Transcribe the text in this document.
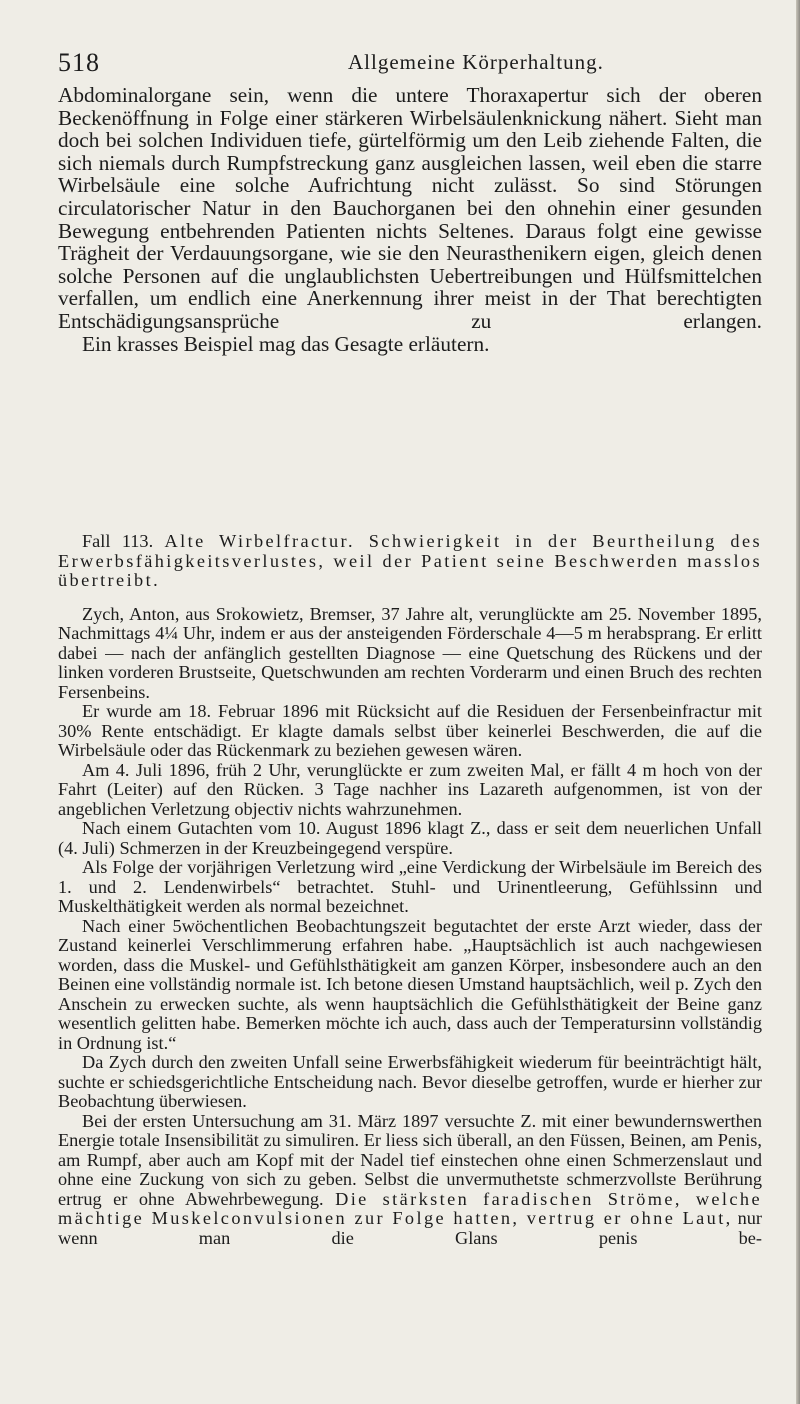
518	Allgemeine Körperhaltung.

Abdominalorgane sein, wenn die untere Thoraxapertur sich der oberen Beckenöffnung in Folge einer stärkeren Wirbelsäulenknickung nähert. Sieht man doch bei solchen Individuen tiefe, gürtelförmig um den Leib ziehende Falten, die sich niemals durch Rumpfstreckung ganz ausgleichen lassen, weil eben die starre Wirbelsäule eine solche Aufrichtung nicht zulässt. So sind Störungen circulatorischer Natur in den Bauchorganen bei den ohnehin einer gesunden Bewegung entbehrenden Patienten nichts Seltenes. Daraus folgt eine gewisse Trägheit der Verdauungsorgane, wie sie den Neurasthenikern eigen, gleich denen solche Personen auf die unglaublichsten Uebertreibungen und Hülfsmittelchen verfallen, um endlich eine Anerkennung ihrer meist in der That berechtigten Entschädigungsansprüche zu erlangen.

Ein krasses Beispiel mag das Gesagte erläutern.

Fall 113. Alte Wirbelfractur. Schwierigkeit in der Beurtheilung des Erwerbsfähigkeitsverlustes, weil der Patient seine Beschwerden masslos übertreibt.

Zych, Anton, aus Srokowietz, Bremser, 37 Jahre alt, verunglückte am 25. November 1895, Nachmittags 4¼ Uhr, indem er aus der ansteigenden Förderschale 4—5 m herabsprang. Er erlitt dabei — nach der anfänglich gestellten Diagnose — eine Quetschung des Rückens und der linken vorderen Brustseite, Quetschwunden am rechten Vorderarm und einen Bruch des rechten Fersenbeins.

Er wurde am 18. Februar 1896 mit Rücksicht auf die Residuen der Fersenbeinfractur mit 30% Rente entschädigt. Er klagte damals selbst über keinerlei Beschwerden, die auf die Wirbelsäule oder das Rückenmark zu beziehen gewesen wären.

Am 4. Juli 1896, früh 2 Uhr, verunglückte er zum zweiten Mal, er fällt 4 m hoch von der Fahrt (Leiter) auf den Rücken. 3 Tage nachher ins Lazareth aufgenommen, ist von der angeblichen Verletzung objectiv nichts wahrzunehmen.

Nach einem Gutachten vom 10. August 1896 klagt Z., dass er seit dem neuerlichen Unfall (4. Juli) Schmerzen in der Kreuzbeingegend verspüre.

Als Folge der vorjährigen Verletzung wird „eine Verdickung der Wirbelsäule im Bereich des 1. und 2. Lendenwirbels“ betrachtet. Stuhl- und Urinentleerung, Gefühlssinn und Muskelthätigkeit werden als normal bezeichnet.

Nach einer 5wöchentlichen Beobachtungszeit begutachtet der erste Arzt wieder, dass der Zustand keinerlei Verschlimmerung erfahren habe. „Hauptsächlich ist auch nachgewiesen worden, dass die Muskel- und Gefühlsthätigkeit am ganzen Körper, insbesondere auch an den Beinen eine vollständig normale ist. Ich betone diesen Umstand hauptsächlich, weil p. Zych den Anschein zu erwecken suchte, als wenn hauptsächlich die Gefühlsthätigkeit der Beine ganz wesentlich gelitten habe. Bemerken möchte ich auch, dass auch der Temperatursinn vollständig in Ordnung ist.“

Da Zych durch den zweiten Unfall seine Erwerbsfähigkeit wiederum für beeinträchtigt hält, suchte er schiedsgerichtliche Entscheidung nach. Bevor dieselbe getroffen, wurde er hierher zur Beobachtung überwiesen.

Bei der ersten Untersuchung am 31. März 1897 versuchte Z. mit einer bewundernswerthen Energie totale Insensibilität zu simuliren. Er liess sich überall, an den Füssen, Beinen, am Penis, am Rumpf, aber auch am Kopf mit der Nadel tief einstechen ohne einen Schmerzenslaut und ohne eine Zuckung von sich zu geben. Selbst die unvermuthetste schmerzvollste Berührung ertrug er ohne Abwehrbewegung. Die stärksten faradischen Ströme, welche mächtige Muskelconvulsionen zur Folge hatten, vertrug er ohne Laut, nur wenn man die Glans penis be-
